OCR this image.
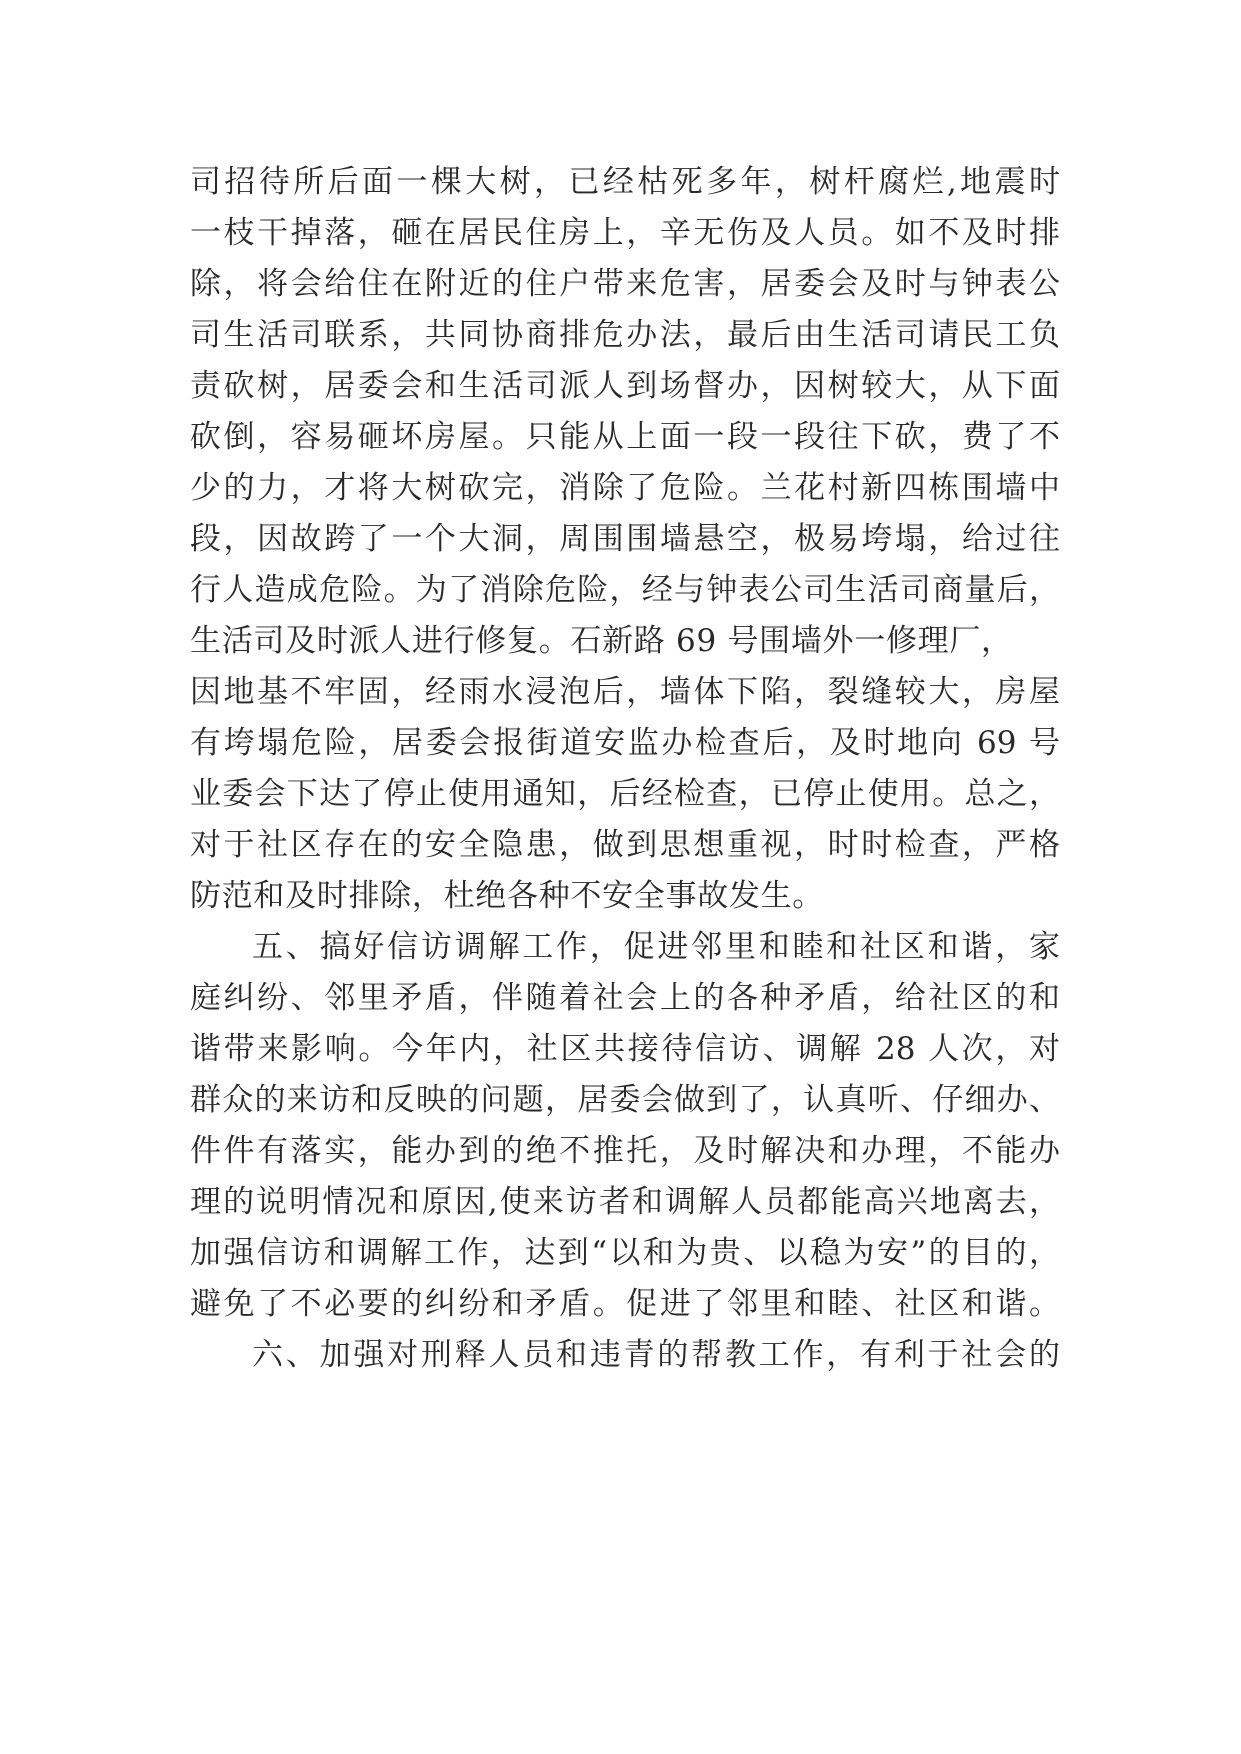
司招待所后面一棵大树，已经枯死多年，树杆腐烂,地震时
一枝干掉落，砸在居民住房上，辛无伤及人员。如不及时排
除，将会给住在附近的住户带来危害，居委会及时与钟表公
司生活司联系，共同协商排危办法，最后由生活司请民工负
责砍树，居委会和生活司派人到场督办，因树较大，从下面
砍倒，容易砸坏房屋。只能从上面一段一段往下砍，费了不
少的力，才将大树砍完，消除了危险。兰花村新四栋围墙中
段，因故跨了一个大洞，周围围墙悬空，极易垮塌，给过往
行人造成危险。为了消除危险，经与钟表公司生活司商量后，
生活司及时派人进行修复。石新路 69 号围墙外一修理厂，
因地基不牢固，经雨水浸泡后，墙体下陷，裂缝较大，房屋
有垮塌危险，居委会报街道安监办检查后，及时地向 69 号
业委会下达了停止使用通知，后经检查，已停止使用。总之，
对于社区存在的安全隐患，做到思想重视，时时检查，严格
防范和及时排除，杜绝各种不安全事故发生。
五、搞好信访调解工作，促进邻里和睦和社区和谐，家
庭纠纷、邻里矛盾，伴随着社会上的各种矛盾，给社区的和
谐带来影响。今年内，社区共接待信访、调解 28 人次，对
群众的来访和反映的问题，居委会做到了，认真听、仔细办、
件件有落实，能办到的绝不推托，及时解决和办理，不能办
理的说明情况和原因,使来访者和调解人员都能高兴地离去，
加强信访和调解工作，达到“以和为贵、以稳为安”的目的，
避免了不必要的纠纷和矛盾。促进了邻里和睦、社区和谐。
六、加强对刑释人员和违青的帮教工作，有利于社会的
